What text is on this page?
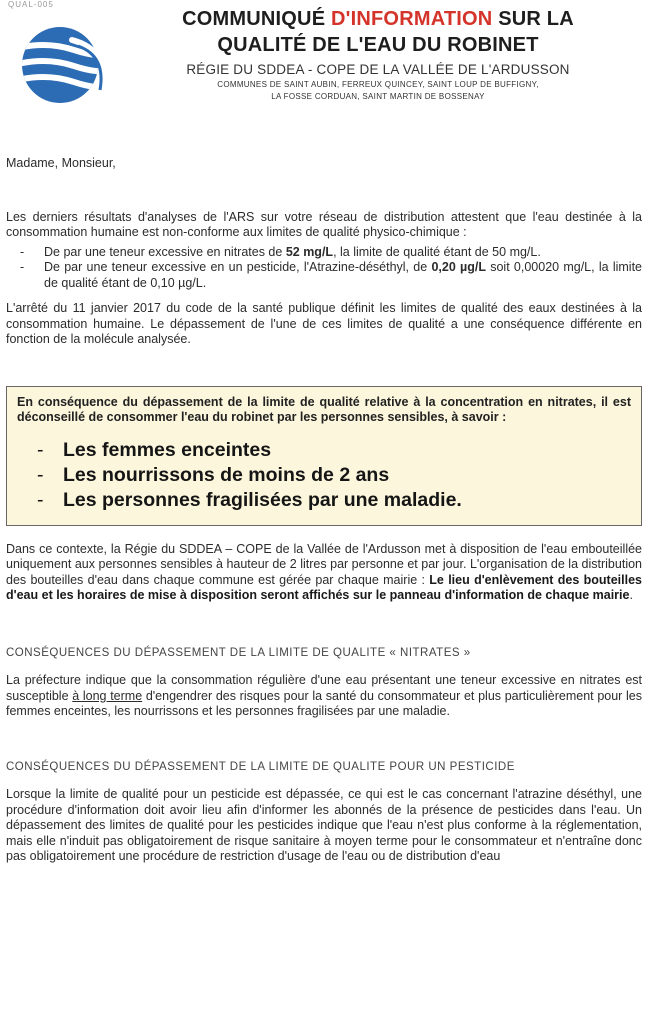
QUAL-005
COMMUNIQUÉ D'INFORMATION SUR LA
QUALITÉ DE L'EAU DU ROBINET
RÉGIE DU SDDEA - COPE DE LA VALLÉE DE L'ARDUSSON
COMMUNES DE SAINT AUBIN, FERREUX QUINCEY, SAINT LOUP DE BUFFIGNY,
LA FOSSE CORDUAN, SAINT MARTIN DE BOSSENAY

Madame, Monsieur,

Les derniers résultats d'analyses de l'ARS sur votre réseau de distribution attestent que l'eau destinée à la consommation humaine est non-conforme aux limites de qualité physico-chimique :

- De par une teneur excessive en nitrates de 52 mg/L, la limite de qualité étant de 50 mg/L.
- De par une teneur excessive en un pesticide, l'Atrazine-déséthyl, de 0,20 µg/L soit 0,00020 mg/L, la limite de qualité étant de 0,10 µg/L.

L'arrêté du 11 janvier 2017 du code de la santé publique définit les limites de qualité des eaux destinées à la consommation humaine. Le dépassement de l'une de ces limites de qualité a une conséquence différente en fonction de la molécule analysée.

En conséquence du dépassement de la limite de qualité relative à la concentration en nitrates, il est déconseillé de consommer l'eau du robinet par les personnes sensibles, à savoir :

- Les femmes enceintes
- Les nourrissons de moins de 2 ans
- Les personnes fragilisées par une maladie.

Dans ce contexte, la Régie du SDDEA – COPE de la Vallée de l'Ardusson met à disposition de l'eau embouteillée uniquement aux personnes sensibles à hauteur de 2 litres par personne et par jour. L'organisation de la distribution des bouteilles d'eau dans chaque commune est gérée par chaque mairie : Le lieu d'enlèvement des bouteilles d'eau et les horaires de mise à disposition seront affichés sur le panneau d'information de chaque mairie.

CONSÉQUENCES DU DÉPASSEMENT DE LA LIMITE DE QUALITE « NITRATES »

La préfecture indique que la consommation régulière d'une eau présentant une teneur excessive en nitrates est susceptible à long terme d'engendrer des risques pour la santé du consommateur et plus particulièrement pour les femmes enceintes, les nourrissons et les personnes fragilisées par une maladie.

CONSÉQUENCES DU DÉPASSEMENT DE LA LIMITE DE QUALITE POUR UN PESTICIDE

Lorsque la limite de qualité pour un pesticide est dépassée, ce qui est le cas concernant l'atrazine déséthyl, une procédure d'information doit avoir lieu afin d'informer les abonnés de la présence de pesticides dans l'eau. Un dépassement des limites de qualité pour les pesticides indique que l'eau n'est plus conforme à la réglementation, mais elle n'induit pas obligatoirement de risque sanitaire à moyen terme pour le consommateur et n'entraîne donc pas obligatoirement une procédure de restriction d'usage de l'eau ou de distribution d'eau
